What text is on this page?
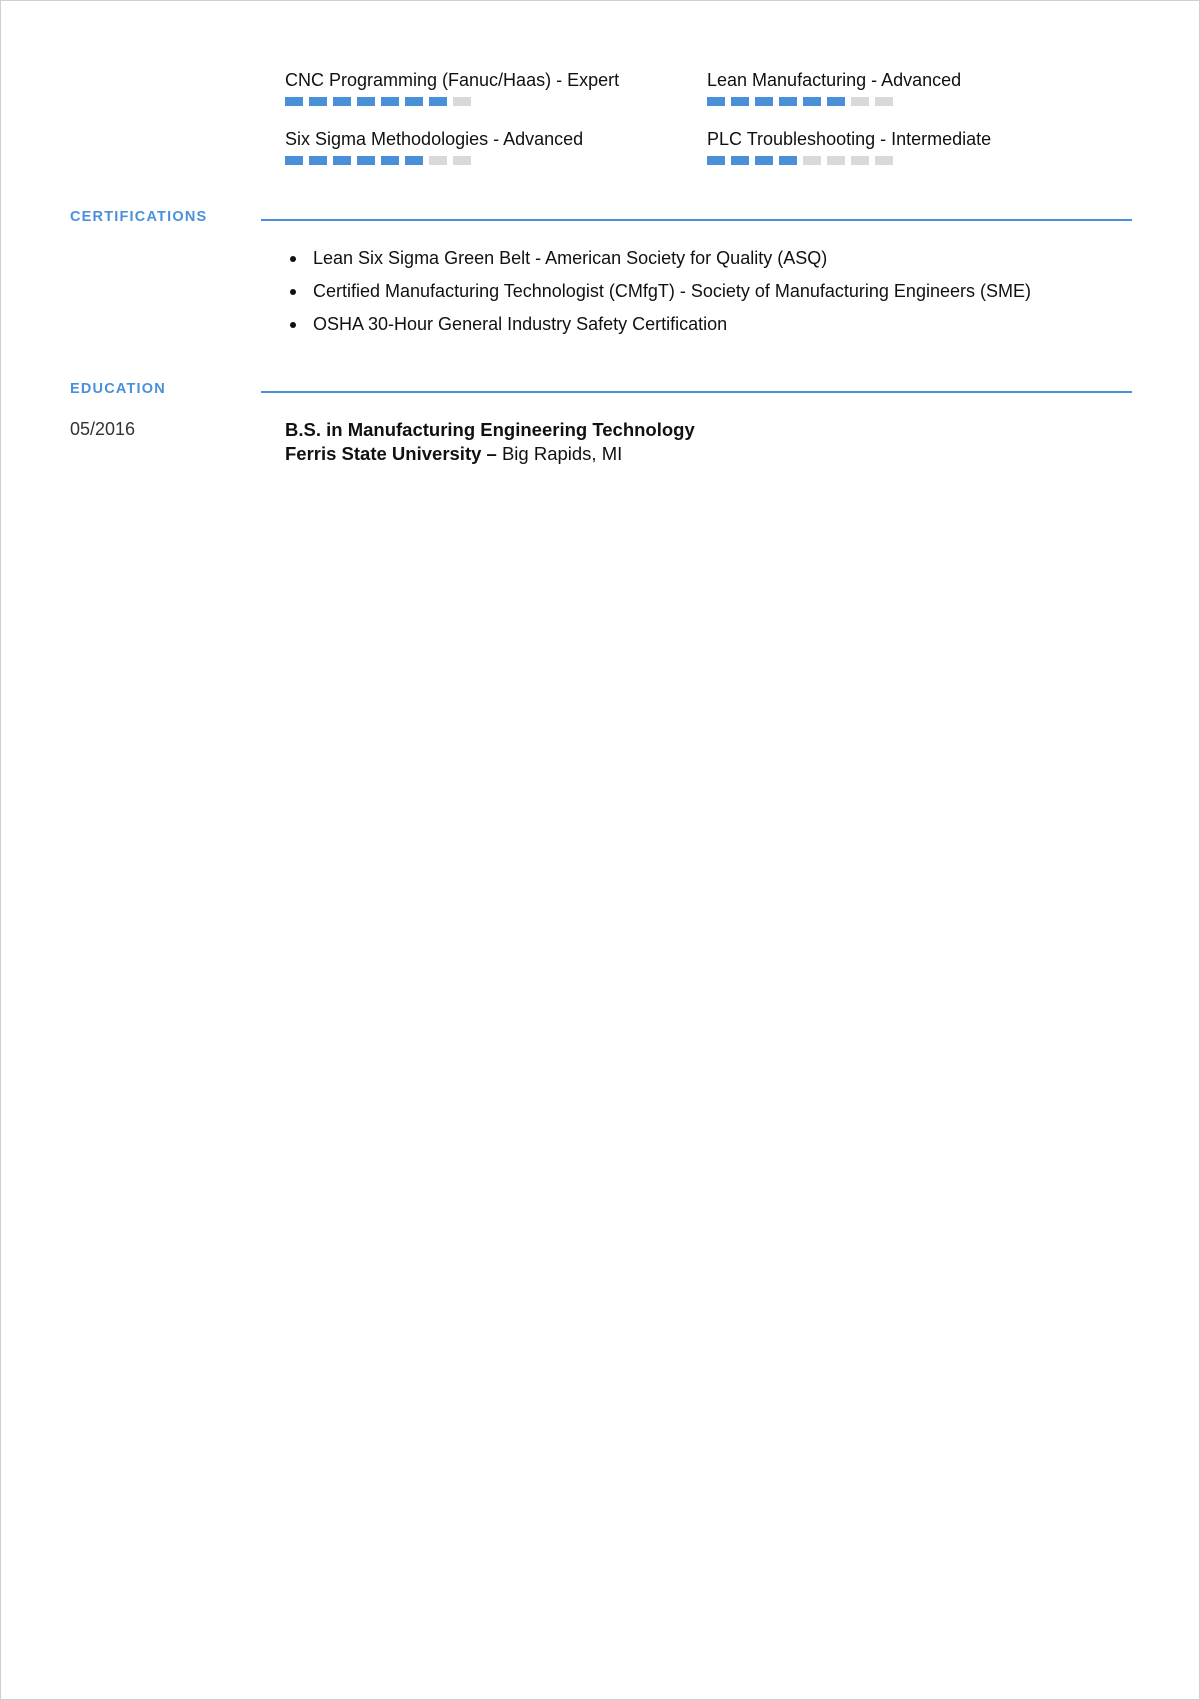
CNC Programming (Fanuc/Haas) - Expert	Lean Manufacturing - Advanced
Six Sigma Methodologies - Advanced	PLC Troubleshooting - Intermediate
CERTIFICATIONS
Lean Six Sigma Green Belt - American Society for Quality (ASQ)
Certified Manufacturing Technologist (CMfgT) - Society of Manufacturing Engineers (SME)
OSHA 30-Hour General Industry Safety Certification
EDUCATION
05/2016	B.S. in Manufacturing Engineering Technology
Ferris State University – Big Rapids, MI
